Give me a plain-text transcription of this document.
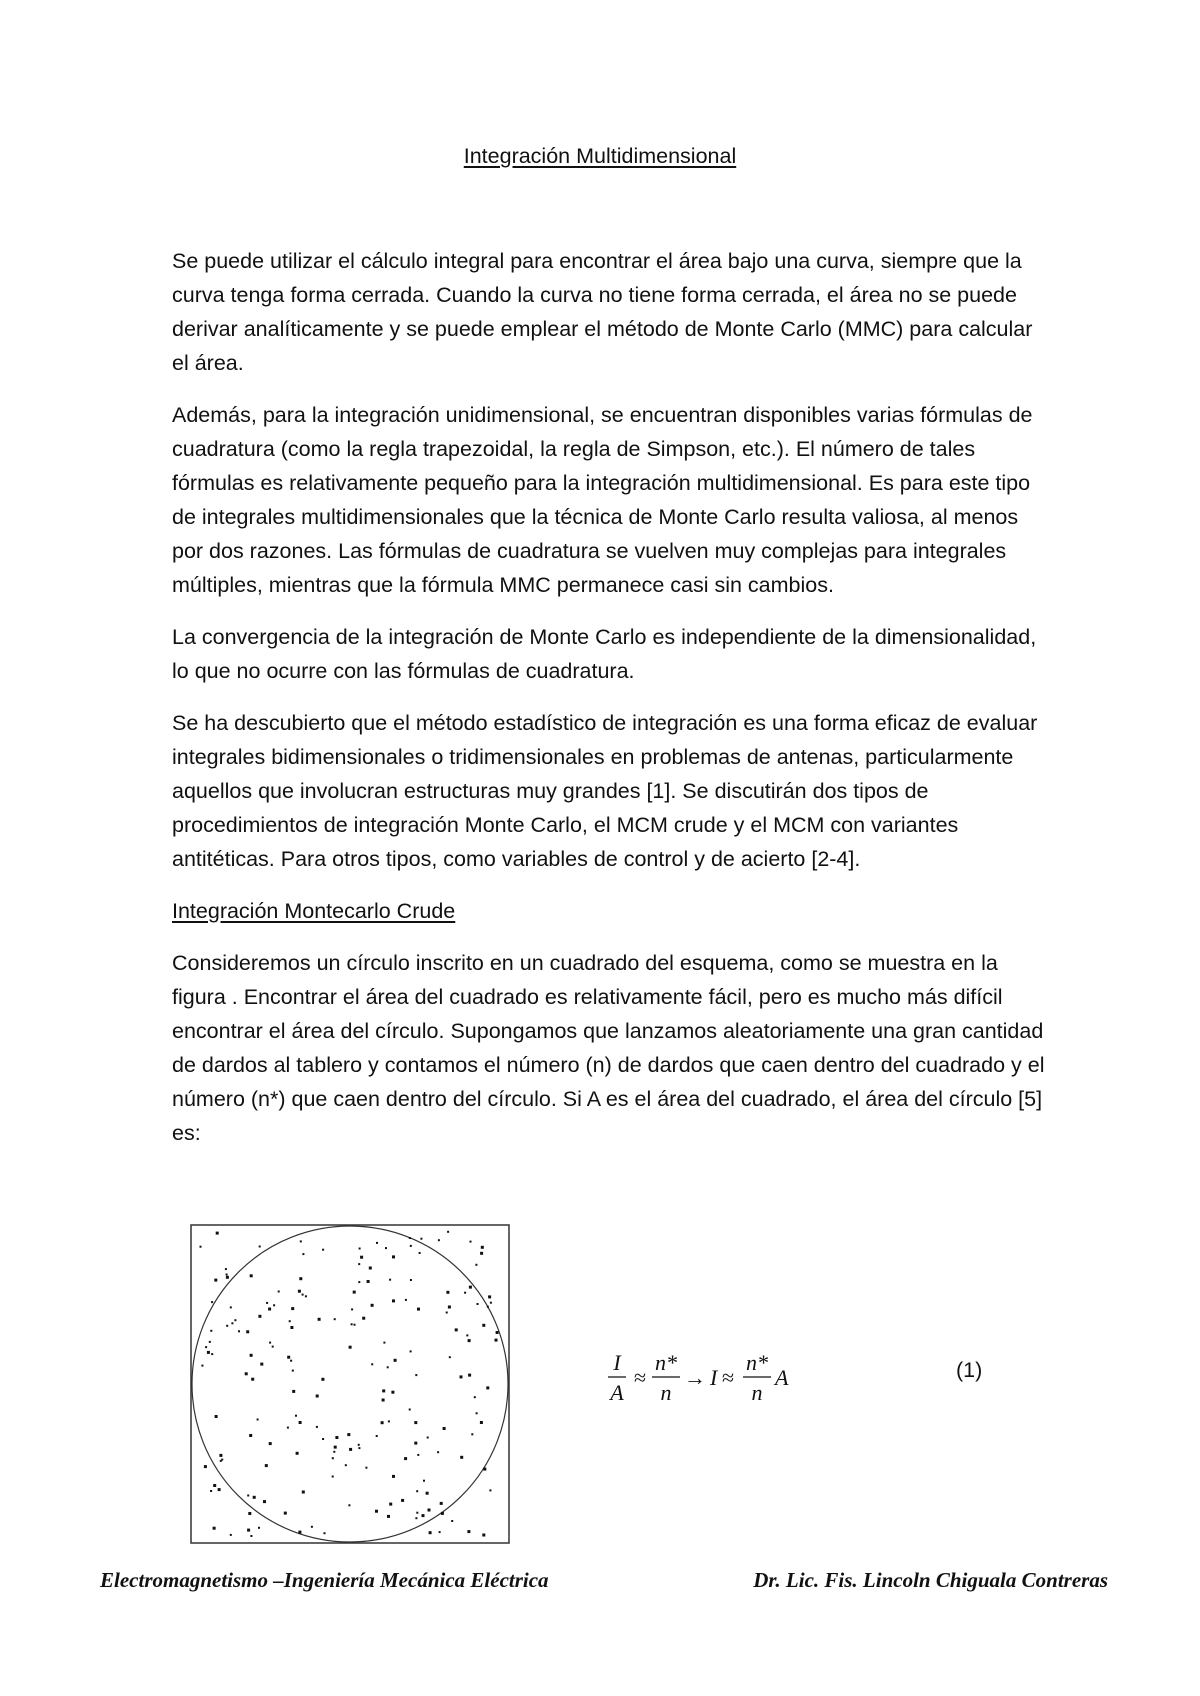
Integración Multidimensional

Se puede utilizar el cálculo integral para encontrar el área bajo una curva, siempre que la curva tenga forma cerrada. Cuando la curva no tiene forma cerrada, el área no se puede derivar analíticamente y se puede emplear el método de Monte Carlo (MMC) para calcular el área.

Además, para la integración unidimensional, se encuentran disponibles varias fórmulas de cuadratura (como la regla trapezoidal, la regla de Simpson, etc.). El número de tales fórmulas es relativamente pequeño para la integración multidimensional. Es para este tipo de integrales multidimensionales que la técnica de Monte Carlo resulta valiosa, al menos por dos razones. Las fórmulas de cuadratura se vuelven muy complejas para integrales múltiples, mientras que la fórmula MMC permanece casi sin cambios.

La convergencia de la integración de Monte Carlo es independiente de la dimensionalidad, lo que no ocurre con las fórmulas de cuadratura.

Se ha descubierto que el método estadístico de integración es una forma eficaz de evaluar integrales bidimensionales o tridimensionales en problemas de antenas, particularmente aquellos que involucran estructuras muy grandes [1]. Se discutirán dos tipos de procedimientos de integración Monte Carlo, el MCM crude y el MCM con variantes antitéticas. Para otros tipos, como variables de control y de acierto [2-4].

Integración Montecarlo Crude

Consideremos un círculo inscrito en un cuadrado del esquema, como se muestra en la figura . Encontrar el área del cuadrado es relativamente fácil, pero es mucho más difícil encontrar el área del círculo. Supongamos que lanzamos aleatoriamente una gran cantidad de dardos al tablero y contamos el número (n) de dardos que caen dentro del cuadrado y el número (n*) que caen dentro del círculo. Si A es el área del cuadrado, el área del círculo [5] es:

I
A
≈
n*
n
→ I ≈
n*
n
A	(1)
Electromagnetismo –Ingeniería Mecánica Eléctrica	Dr. Lic. Fis. Lincoln Chiguala Contreras
